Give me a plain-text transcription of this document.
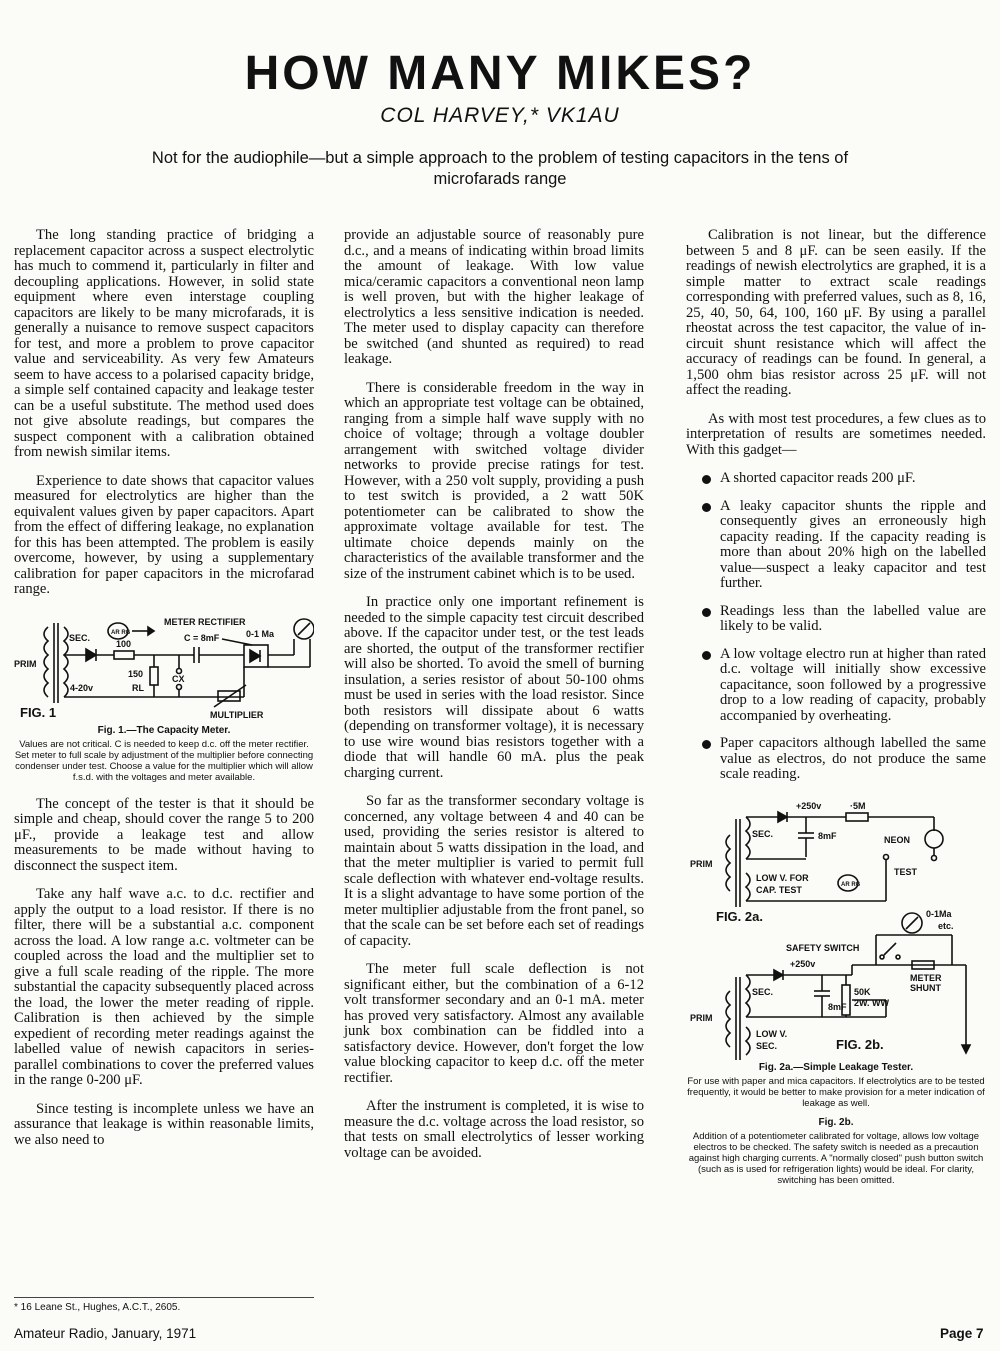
HOW MANY MIKES?
COL HARVEY,* VK1AU
Not for the audiophile—but a simple approach to the problem of testing capacitors in the tens of microfarads range

The long standing practice of bridging a replacement capacitor across a suspect electrolytic has much to commend it, particularly in filter and decoupling applications. However, in solid state equipment where even interstage coupling capacitors are likely to be many microfarads, it is generally a nuisance to remove suspect capacitors for test, and more a problem to prove capacitor value and serviceability. As very few Amateurs seem to have access to a polarised capacity bridge, a simple self contained capacity and leakage tester can be a useful substitute. The method used does not give absolute readings, but compares the suspect component with a calibration obtained from newish similar items.

Experience to date shows that capacitor values measured for electrolytics are higher than the equivalent values given by paper capacitors. Apart from the effect of differing leakage, no explanation for this has been attempted. The problem is easily overcome, however, by using a supplementary calibration for paper capacitors in the microfarad range.

SEC.
PRIM
4-20v
100
150
RL
CX
C = 8mF
METER RECTIFIER
0-1 Ma
MULTIPLIER
AR RG
FIG. 1
Fig. 1.—The Capacity Meter.
Values are not critical. C is needed to keep d.c. off the meter rectifier. Set meter to full scale by adjustment of the multiplier before connecting condenser under test. Choose a value for the multiplier which will allow f.s.d. with the voltages and meter available.

The concept of the tester is that it should be simple and cheap, should cover the range 5 to 200 μF., provide a leakage test and allow measurements to be made without having to disconnect the suspect item.

Take any half wave a.c. to d.c. rectifier and apply the output to a load resistor. If there is no filter, there will be a substantial a.c. component across the load. A low range a.c. voltmeter can be coupled across the load and the multiplier set to give a full scale reading of the ripple. The more substantial the capacity subsequently placed across the load, the lower the meter reading of ripple. Calibration is then achieved by the simple expedient of recording meter readings against the labelled value of newish capacitors in series-parallel combinations to cover the preferred values in the range 0-200 μF.

Since testing is incomplete unless we have an assurance that leakage is within reasonable limits, we also need to

provide an adjustable source of reasonably pure d.c., and a means of indicating within broad limits the amount of leakage. With low value mica/ceramic capacitors a conventional neon lamp is well proven, but with the higher leakage of electrolytics a less sensitive indication is needed. The meter used to display capacity can therefore be switched (and shunted as required) to read leakage.

There is considerable freedom in the way in which an appropriate test voltage can be obtained, ranging from a simple half wave supply with no choice of voltage; through a voltage doubler arrangement with switched voltage divider networks to provide precise ratings for test. However, with a 250 volt supply, providing a push to test switch is provided, a 2 watt 50K potentiometer can be calibrated to show the approximate voltage available for test. The ultimate choice depends mainly on the characteristics of the available transformer and the size of the instrument cabinet which is to be used.

In practice only one important refinement is needed to the simple capacity test circuit described above. If the capacitor under test, or the test leads are shorted, the output of the transformer rectifier will also be shorted. To avoid the smell of burning insulation, a series resistor of about 50-100 ohms must be used in series with the load resistor. Since both resistors will dissipate about 6 watts (depending on transformer voltage), it is necessary to use wire wound bias resistors together with a diode that will handle 60 mA. plus the peak charging current.

So far as the transformer secondary voltage is concerned, any voltage between 4 and 40 can be used, providing the series resistor is altered to maintain about 5 watts dissipation in the load, and that the meter multiplier is varied to permit full scale deflection with whatever end-voltage results. It is a slight advantage to have some portion of the meter multiplier adjustable from the front panel, so that the scale can be set before each set of readings of capacity.

The meter full scale deflection is not significant either, but the combination of a 6-12 volt transformer secondary and an 0-1 mA. meter has proved very satisfactory. Almost any available junk box combination can be fiddled into a satisfactory device. However, don't forget the low value blocking capacitor to keep d.c. off the meter rectifier.

After the instrument is completed, it is wise to measure the d.c. voltage across the load resistor, so that tests on small electrolytics of lesser working voltage can be avoided.

Calibration is not linear, but the difference between 5 and 8 μF. can be seen easily. If the readings of newish electrolytics are graphed, it is a simple matter to extract scale readings corresponding with preferred values, such as 8, 16, 25, 40, 50, 64, 100, 160 μF. By using a parallel rheostat across the test capacitor, the value of in-circuit shunt resistance which will affect the accuracy of readings can be found. In general, a 1,500 ohm bias resistor across 25 μF. will not affect the reading.

As with most test procedures, a few clues as to interpretation of results are sometimes needed. With this gadget—

A shorted capacitor reads 200 μF.
A leaky capacitor shunts the ripple and consequently gives an erroneously high capacity reading. If the capacity reading is more than about 20% high on the labelled value—suspect a leaky capacitor and test further.
Readings less than the labelled value are likely to be valid.
A low voltage electro run at higher than rated d.c. voltage will initially show excessive capacitance, soon followed by a progressive drop to a low reading of capacity, probably accompanied by overheating.
Paper capacitors although labelled the same value as electros, do not produce the same scale reading.
+250v	·5M
SEC.	8mF	NEON
PRIM
LOW V. FOR
CAP. TEST
TEST
AR RG
FIG. 2a.	0-1Ma
etc.
SAFETY SWITCH
METER
SHUNT
+250v
SEC.
8mF
50K
2W. WW
PRIM
LOW V.
SEC.	FIG. 2b.
Fig. 2a.—Simple Leakage Tester.
For use with paper and mica capacitors. If electrolytics are to be tested frequently, it would be better to make provision for a meter indication of leakage as well.
Fig. 2b.
Addition of a potentiometer calibrated for voltage, allows low voltage electros to be checked. The safety switch is needed as a precaution against high charging currents. A "normally closed" push button switch (such as is used for refrigeration lights) would be ideal. For clarity, switching has been omitted.
* 16 Leane St., Hughes, A.C.T., 2605.
Amateur Radio, January, 1971	Page 7
